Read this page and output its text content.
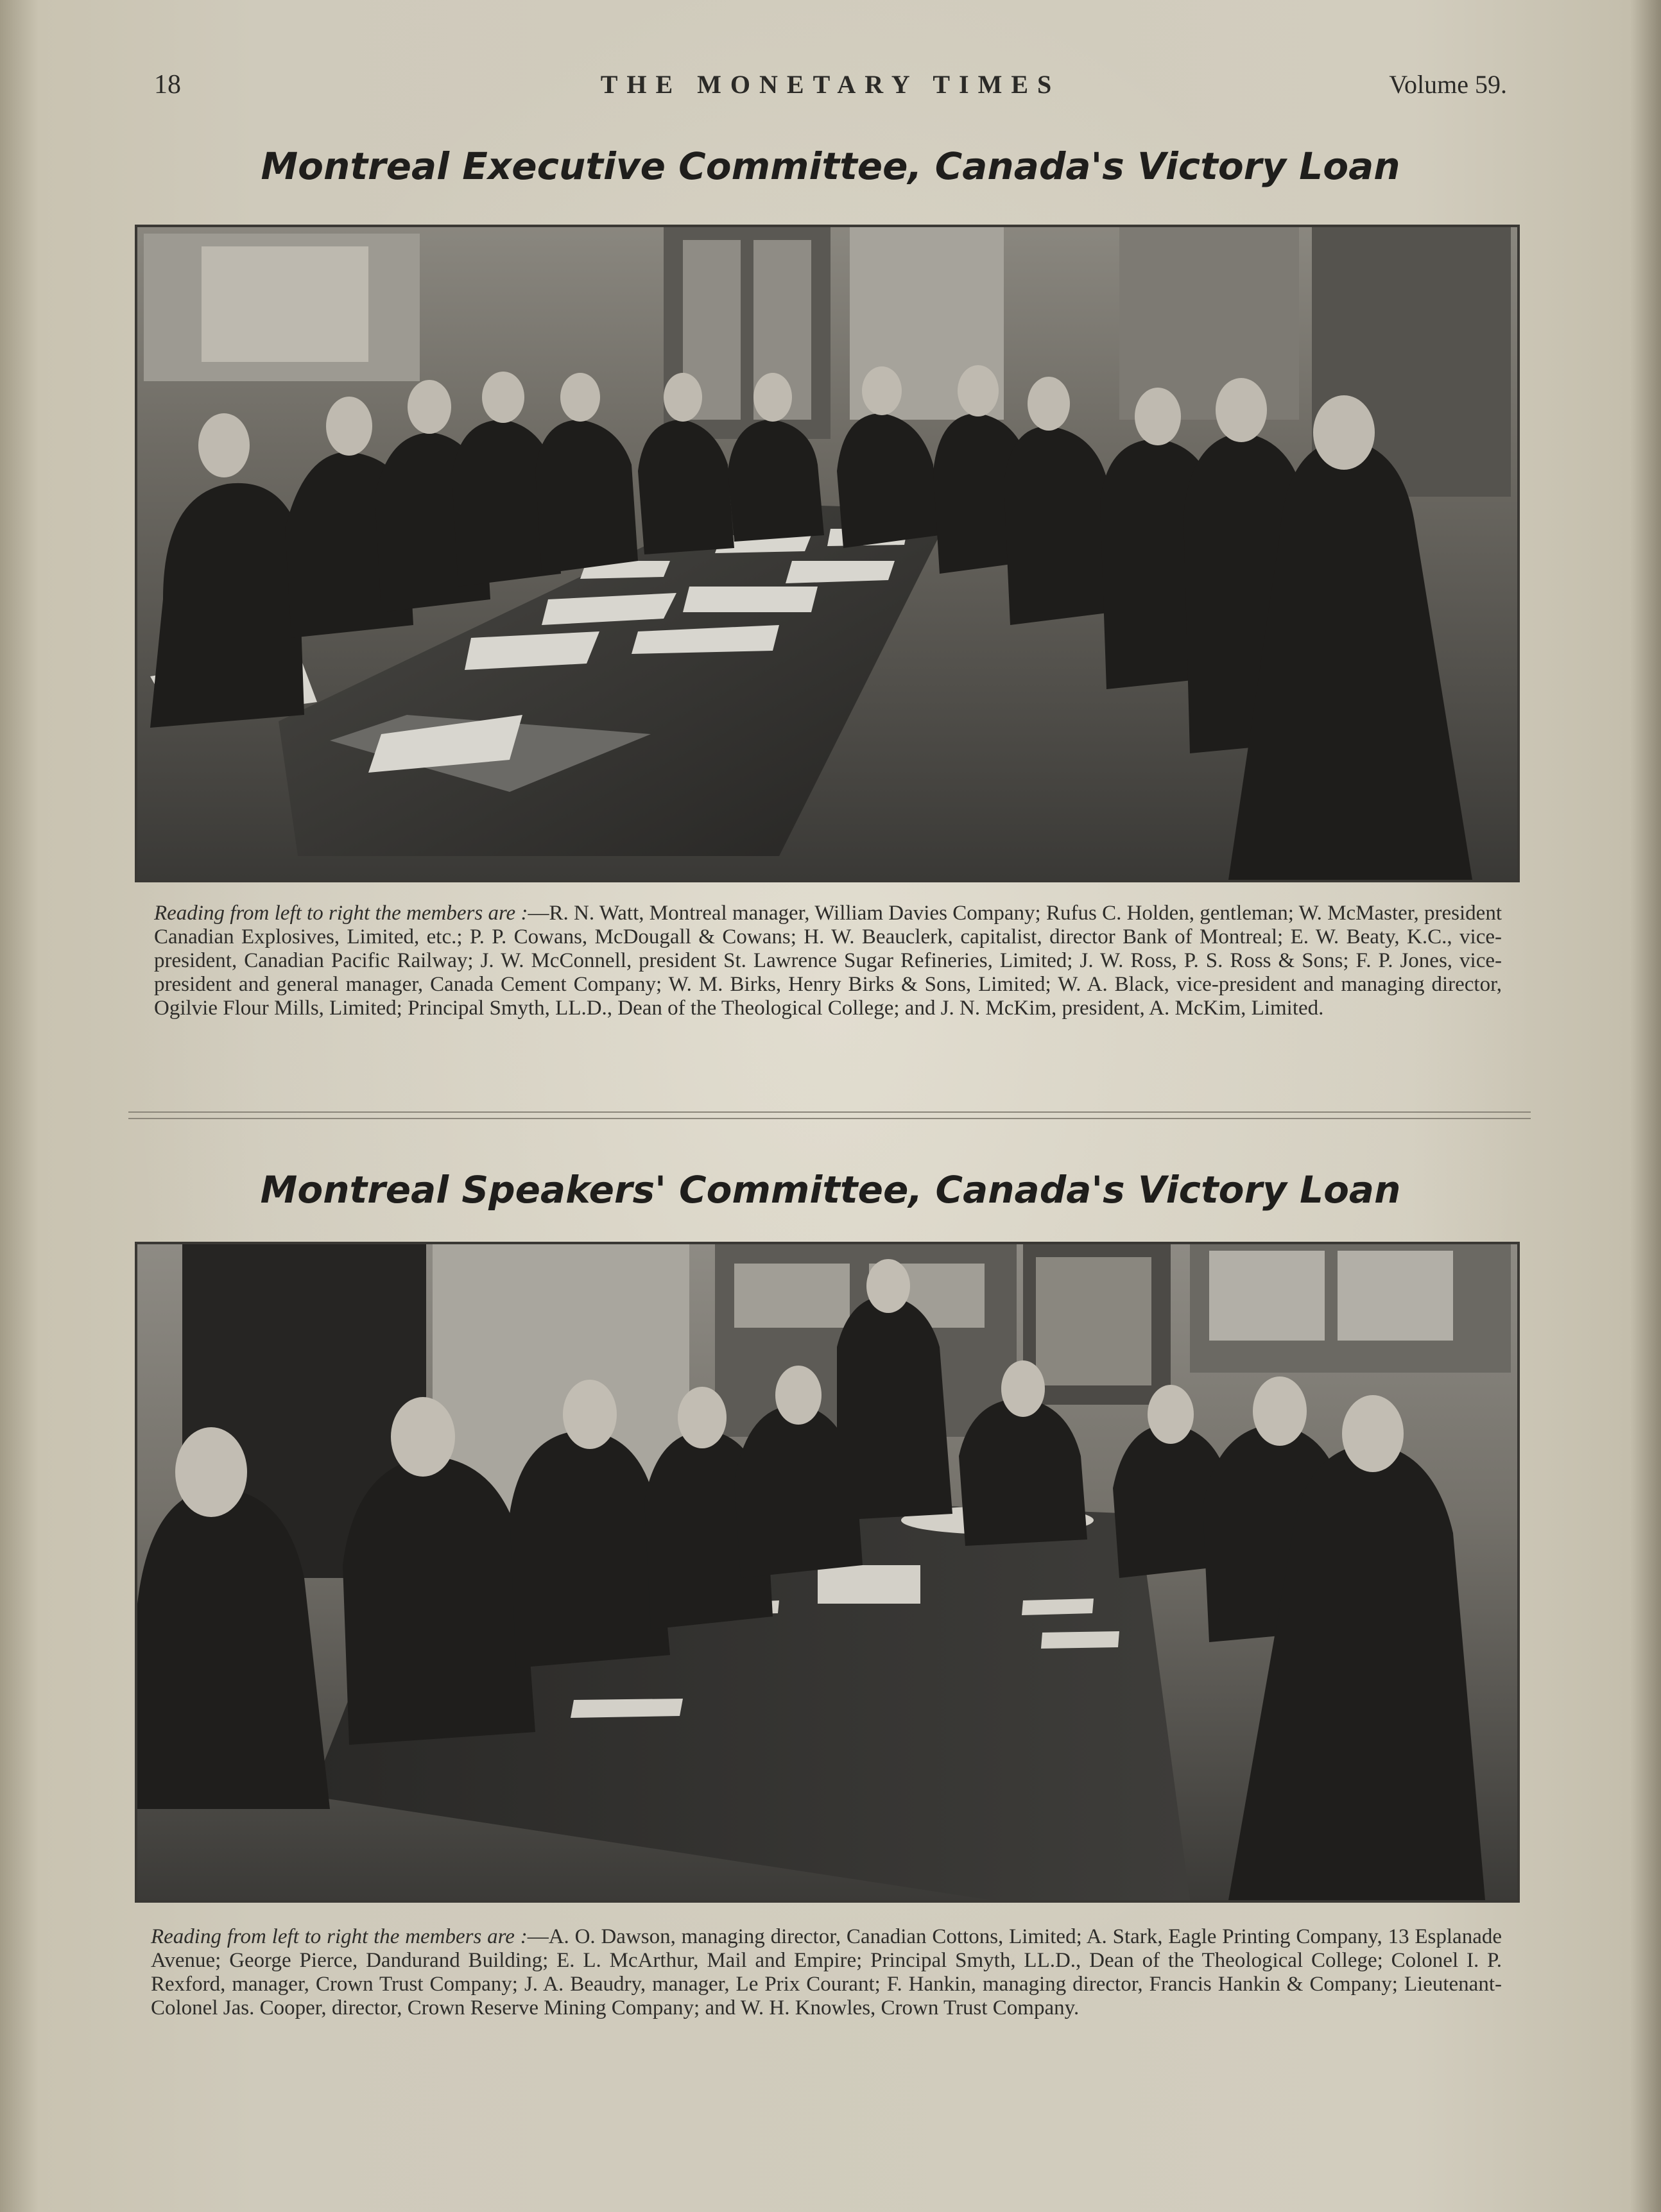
18	THE MONETARY TIMES	Volume 59.
Montreal Executive Committee, Canada's Victory Loan
Reading from left to right the members are :—R. N. Watt, Montreal manager, William Davies Company; Rufus C. Holden, gentleman; W. McMaster, president Canadian Explosives, Limited, etc.; P. P. Cowans, McDougall & Cowans; H. W. Beauclerk, capitalist, director Bank of Montreal; E. W. Beaty, K.C., vice-president, Canadian Pacific Railway; J. W. McConnell, president St. Lawrence Sugar Refineries, Limited; J. W. Ross, P. S. Ross & Sons; F. P. Jones, vice-president and general manager, Canada Cement Company; W. M. Birks, Henry Birks & Sons, Limited; W. A. Black, vice-president and managing director, Ogilvie Flour Mills, Limited; Principal Smyth, LL.D., Dean of the Theological College; and J. N. McKim, president, A. McKim, Limited.
Montreal Speakers' Committee, Canada's Victory Loan
Reading from left to right the members are :—A. O. Dawson, managing director, Canadian Cottons, Limited; A. Stark, Eagle Printing Company, 13 Esplanade Avenue; George Pierce, Dandurand Building; E. L. McArthur, Mail and Empire; Principal Smyth, LL.D., Dean of the Theological College; Colonel I. P. Rexford, manager, Crown Trust Company; J. A. Beaudry, manager, Le Prix Courant; F. Hankin, managing director, Francis Hankin & Company; Lieutenant-Colonel Jas. Cooper, director, Crown Reserve Mining Company; and W. H. Knowles, Crown Trust Company.
